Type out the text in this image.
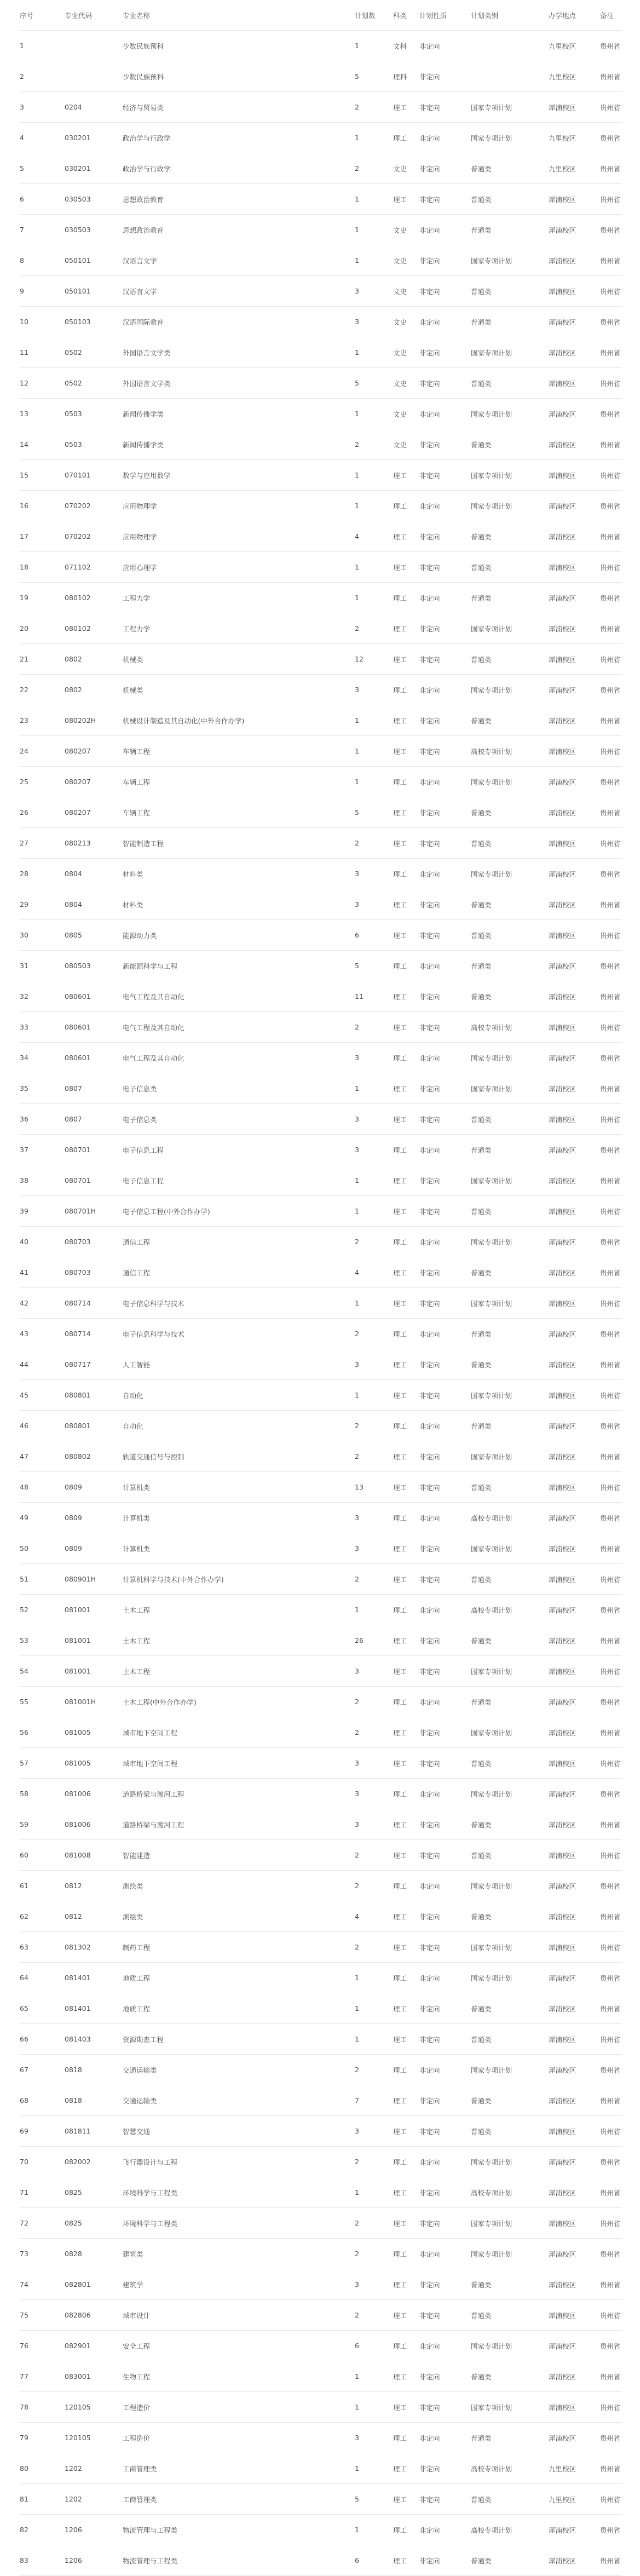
序号	专业代码	专业名称	计划数	科类	计划性质	计划类别	办学地点	备注
1		少数民族预科	1	文科	非定向		九里校区	贵州省
2		少数民族预科	5	理科	非定向		九里校区	贵州省
3	0204	经济与贸易类	2	理工	非定向	国家专项计划	犀浦校区	贵州省
4	030201	政治学与行政学	1	理工	非定向	国家专项计划	九里校区	贵州省
5	030201	政治学与行政学	2	文史	非定向	普通类	九里校区	贵州省
6	030503	思想政治教育	1	理工	非定向	普通类	犀浦校区	贵州省
7	030503	思想政治教育	1	文史	非定向	普通类	犀浦校区	贵州省
8	050101	汉语言文学	1	文史	非定向	国家专项计划	犀浦校区	贵州省
9	050101	汉语言文学	3	文史	非定向	普通类	犀浦校区	贵州省
10	050103	汉语国际教育	3	文史	非定向	普通类	犀浦校区	贵州省
11	0502	外国语言文学类	1	文史	非定向	国家专项计划	犀浦校区	贵州省
12	0502	外国语言文学类	5	文史	非定向	普通类	犀浦校区	贵州省
13	0503	新闻传播学类	1	文史	非定向	国家专项计划	犀浦校区	贵州省
14	0503	新闻传播学类	2	文史	非定向	普通类	犀浦校区	贵州省
15	070101	数学与应用数学	1	理工	非定向	国家专项计划	犀浦校区	贵州省
16	070202	应用物理学	1	理工	非定向	国家专项计划	犀浦校区	贵州省
17	070202	应用物理学	4	理工	非定向	普通类	犀浦校区	贵州省
18	071102	应用心理学	1	理工	非定向	普通类	犀浦校区	贵州省
19	080102	工程力学	1	理工	非定向	普通类	犀浦校区	贵州省
20	080102	工程力学	2	理工	非定向	国家专项计划	犀浦校区	贵州省
21	0802	机械类	12	理工	非定向	普通类	犀浦校区	贵州省
22	0802	机械类	3	理工	非定向	国家专项计划	犀浦校区	贵州省
23	080202H	机械设计制造及其自动化(中外合作办学)	1	理工	非定向	普通类	犀浦校区	贵州省
24	080207	车辆工程	1	理工	非定向	高校专项计划	犀浦校区	贵州省
25	080207	车辆工程	1	理工	非定向	国家专项计划	犀浦校区	贵州省
26	080207	车辆工程	5	理工	非定向	普通类	犀浦校区	贵州省
27	080213	智能制造工程	2	理工	非定向	普通类	犀浦校区	贵州省
28	0804	材料类	3	理工	非定向	国家专项计划	犀浦校区	贵州省
29	0804	材料类	3	理工	非定向	普通类	犀浦校区	贵州省
30	0805	能源动力类	6	理工	非定向	普通类	犀浦校区	贵州省
31	080503	新能源科学与工程	5	理工	非定向	普通类	犀浦校区	贵州省
32	080601	电气工程及其自动化	11	理工	非定向	普通类	犀浦校区	贵州省
33	080601	电气工程及其自动化	2	理工	非定向	高校专项计划	犀浦校区	贵州省
34	080601	电气工程及其自动化	3	理工	非定向	国家专项计划	犀浦校区	贵州省
35	0807	电子信息类	1	理工	非定向	国家专项计划	犀浦校区	贵州省
36	0807	电子信息类	3	理工	非定向	普通类	犀浦校区	贵州省
37	080701	电子信息工程	3	理工	非定向	普通类	犀浦校区	贵州省
38	080701	电子信息工程	1	理工	非定向	国家专项计划	犀浦校区	贵州省
39	080701H	电子信息工程(中外合作办学)	1	理工	非定向	普通类	犀浦校区	贵州省
40	080703	通信工程	2	理工	非定向	国家专项计划	犀浦校区	贵州省
41	080703	通信工程	4	理工	非定向	普通类	犀浦校区	贵州省
42	080714	电子信息科学与技术	1	理工	非定向	国家专项计划	犀浦校区	贵州省
43	080714	电子信息科学与技术	2	理工	非定向	普通类	犀浦校区	贵州省
44	080717	人工智能	3	理工	非定向	普通类	犀浦校区	贵州省
45	080801	自动化	1	理工	非定向	国家专项计划	犀浦校区	贵州省
46	080801	自动化	2	理工	非定向	普通类	犀浦校区	贵州省
47	080802	轨道交通信号与控制	2	理工	非定向	国家专项计划	犀浦校区	贵州省
48	0809	计算机类	13	理工	非定向	普通类	犀浦校区	贵州省
49	0809	计算机类	3	理工	非定向	高校专项计划	犀浦校区	贵州省
50	0809	计算机类	3	理工	非定向	国家专项计划	犀浦校区	贵州省
51	080901H	计算机科学与技术(中外合作办学)	2	理工	非定向	普通类	犀浦校区	贵州省
52	081001	土木工程	1	理工	非定向	高校专项计划	犀浦校区	贵州省
53	081001	土木工程	26	理工	非定向	普通类	犀浦校区	贵州省
54	081001	土木工程	3	理工	非定向	国家专项计划	犀浦校区	贵州省
55	081001H	土木工程(中外合作办学)	2	理工	非定向	普通类	犀浦校区	贵州省
56	081005	城市地下空间工程	2	理工	非定向	国家专项计划	犀浦校区	贵州省
57	081005	城市地下空间工程	3	理工	非定向	普通类	犀浦校区	贵州省
58	081006	道路桥梁与渡河工程	3	理工	非定向	国家专项计划	犀浦校区	贵州省
59	081006	道路桥梁与渡河工程	3	理工	非定向	普通类	犀浦校区	贵州省
60	081008	智能建造	2	理工	非定向	普通类	犀浦校区	贵州省
61	0812	测绘类	2	理工	非定向	国家专项计划	犀浦校区	贵州省
62	0812	测绘类	4	理工	非定向	普通类	犀浦校区	贵州省
63	081302	制药工程	2	理工	非定向	国家专项计划	犀浦校区	贵州省
64	081401	地质工程	1	理工	非定向	国家专项计划	犀浦校区	贵州省
65	081401	地质工程	1	理工	非定向	普通类	犀浦校区	贵州省
66	081403	资源勘查工程	1	理工	非定向	普通类	犀浦校区	贵州省
67	0818	交通运输类	2	理工	非定向	国家专项计划	犀浦校区	贵州省
68	0818	交通运输类	7	理工	非定向	普通类	犀浦校区	贵州省
69	081811	智慧交通	3	理工	非定向	普通类	犀浦校区	贵州省
70	082002	飞行器设计与工程	2	理工	非定向	国家专项计划	犀浦校区	贵州省
71	0825	环境科学与工程类	1	理工	非定向	高校专项计划	犀浦校区	贵州省
72	0825	环境科学与工程类	2	理工	非定向	国家专项计划	犀浦校区	贵州省
73	0828	建筑类	2	理工	非定向	国家专项计划	犀浦校区	贵州省
74	082801	建筑学	3	理工	非定向	普通类	犀浦校区	贵州省
75	082806	城市设计	2	理工	非定向	普通类	犀浦校区	贵州省
76	082901	安全工程	6	理工	非定向	国家专项计划	犀浦校区	贵州省
77	083001	生物工程	1	理工	非定向	普通类	犀浦校区	贵州省
78	120105	工程造价	1	理工	非定向	国家专项计划	犀浦校区	贵州省
79	120105	工程造价	3	理工	非定向	普通类	犀浦校区	贵州省
80	1202	工商管理类	1	理工	非定向	高校专项计划	九里校区	贵州省
81	1202	工商管理类	5	理工	非定向	普通类	九里校区	贵州省
82	1206	物流管理与工程类	1	理工	非定向	高校专项计划	犀浦校区	贵州省
83	1206	物流管理与工程类	6	理工	非定向	普通类	犀浦校区	贵州省
